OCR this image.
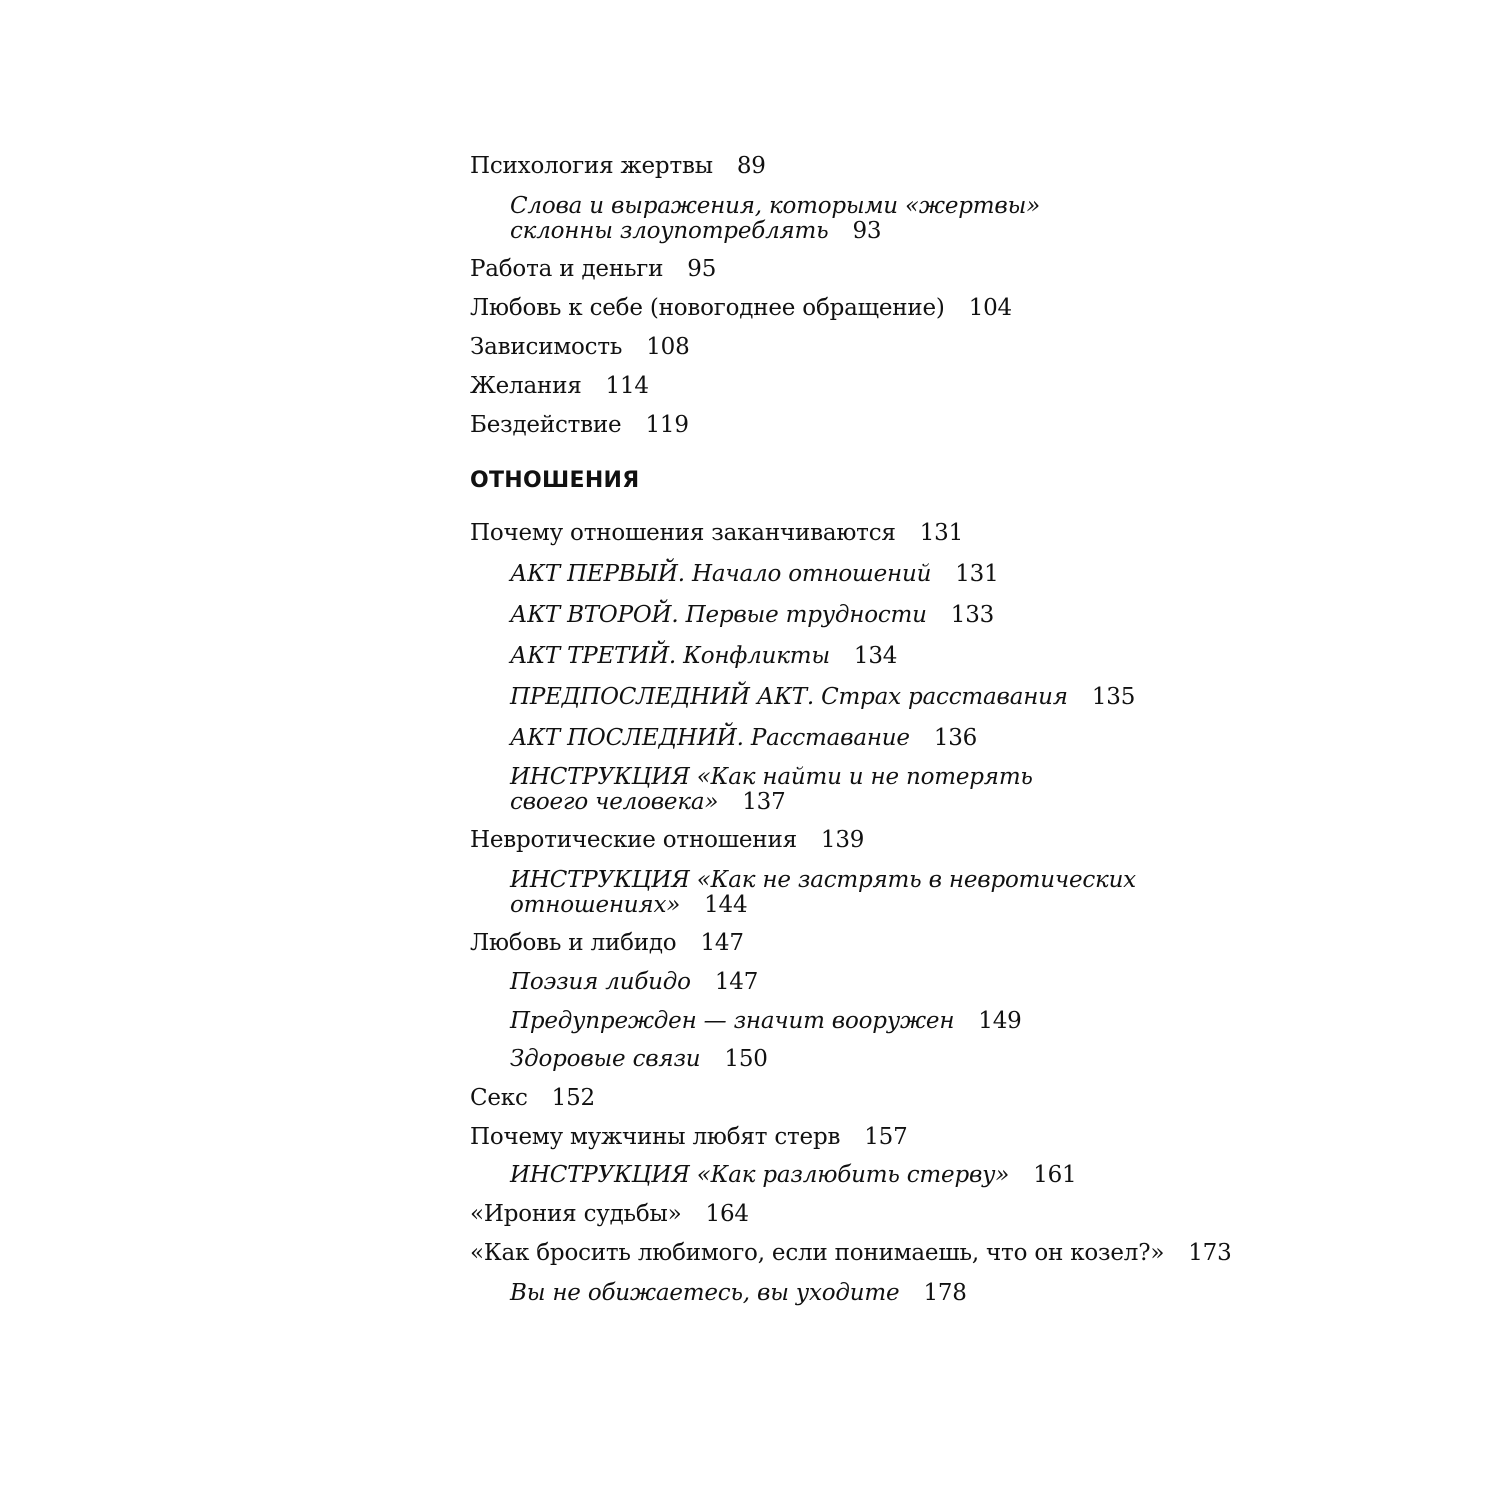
Психология жертвы 89

Слова и выражения, которыми «жертвы»
склонны злоупотреблять 93

Работа и деньги 95

Любовь к себе (новогоднее обращение) 104

Зависимость 108

Желания 114

Бездействие 119

ОТНОШЕНИЯ

Почему отношения заканчиваются 131

АКТ ПЕРВЫЙ. Начало отношений 131

АКТ ВТОРОЙ. Первые трудности 133

АКТ ТРЕТИЙ. Конфликты 134

ПРЕДПОСЛЕДНИЙ АКТ. Страх расставания 135

АКТ ПОСЛЕДНИЙ. Расставание 136

ИНСТРУКЦИЯ «Как найти и не потерять
своего человека» 137

Невротические отношения 139

ИНСТРУКЦИЯ «Как не застрять в невротических
отношениях» 144

Любовь и либидо 147

Поэзия либидо 147

Предупрежден — значит вооружен 149

Здоровые связи 150

Секс 152

Почему мужчины любят стерв 157

ИНСТРУКЦИЯ «Как разлюбить стерву» 161

«Ирония судьбы» 164

«Как бросить любимого, если понимаешь, что он козел?» 173

Вы не обижаетесь, вы уходите 178
